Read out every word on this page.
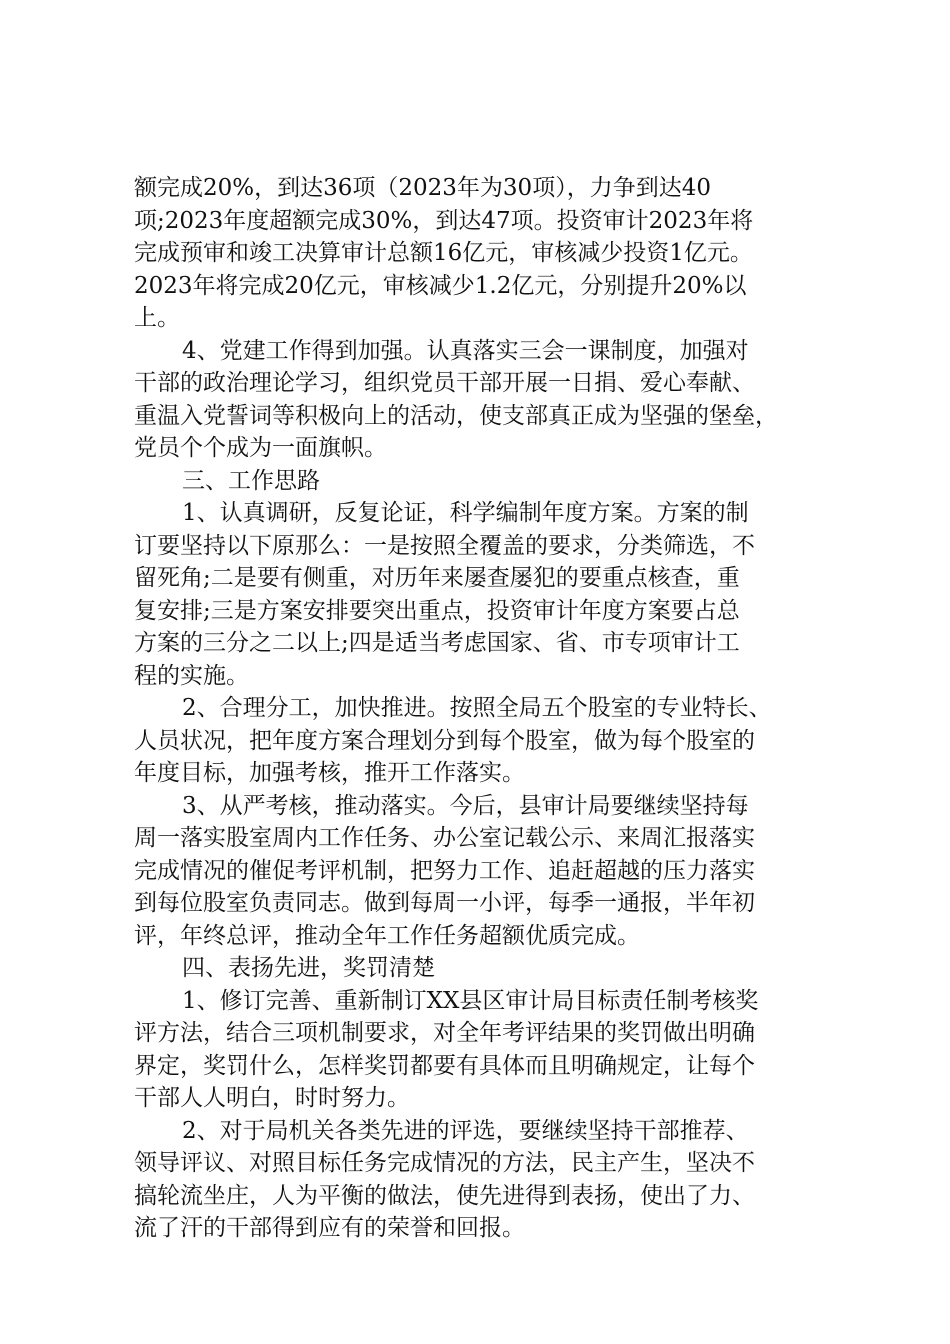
额完成20%，到达36项（2023年为30项），力争到达40
项;2023年度超额完成30%，到达47项。投资审计2023年将
完成预审和竣工决算审计总额16亿元，审核减少投资1亿元。
2023年将完成20亿元，审核减少1.2亿元，分别提升20%以
上。
4、党建工作得到加强。认真落实三会一课制度，加强对
干部的政治理论学习，组织党员干部开展一日捐、爱心奉献、
重温入党誓词等积极向上的活动，使支部真正成为坚强的堡垒，
党员个个成为一面旗帜。
三、工作思路
1、认真调研，反复论证，科学编制年度方案。方案的制
订要坚持以下原那么：一是按照全覆盖的要求，分类筛选，不
留死角;二是要有侧重，对历年来屡查屡犯的要重点核查，重
复安排;三是方案安排要突出重点，投资审计年度方案要占总
方案的三分之二以上;四是适当考虑国家、省、市专项审计工
程的实施。
2、合理分工，加快推进。按照全局五个股室的专业特长、
人员状况，把年度方案合理划分到每个股室，做为每个股室的
年度目标，加强考核，推开工作落实。
3、从严考核，推动落实。今后，县审计局要继续坚持每
周一落实股室周内工作任务、办公室记载公示、来周汇报落实
完成情况的催促考评机制，把努力工作、追赶超越的压力落实
到每位股室负责同志。做到每周一小评，每季一通报，半年初
评，年终总评，推动全年工作任务超额优质完成。
四、表扬先进，奖罚清楚
1、修订完善、重新制订XX县区审计局目标责任制考核奖
评方法，结合三项机制要求，对全年考评结果的奖罚做出明确
界定，奖罚什么，怎样奖罚都要有具体而且明确规定，让每个
干部人人明白，时时努力。
2、对于局机关各类先进的评选，要继续坚持干部推荐、
领导评议、对照目标任务完成情况的方法，民主产生，坚决不
搞轮流坐庄，人为平衡的做法，使先进得到表扬，使出了力、
流了汗的干部得到应有的荣誉和回报。
